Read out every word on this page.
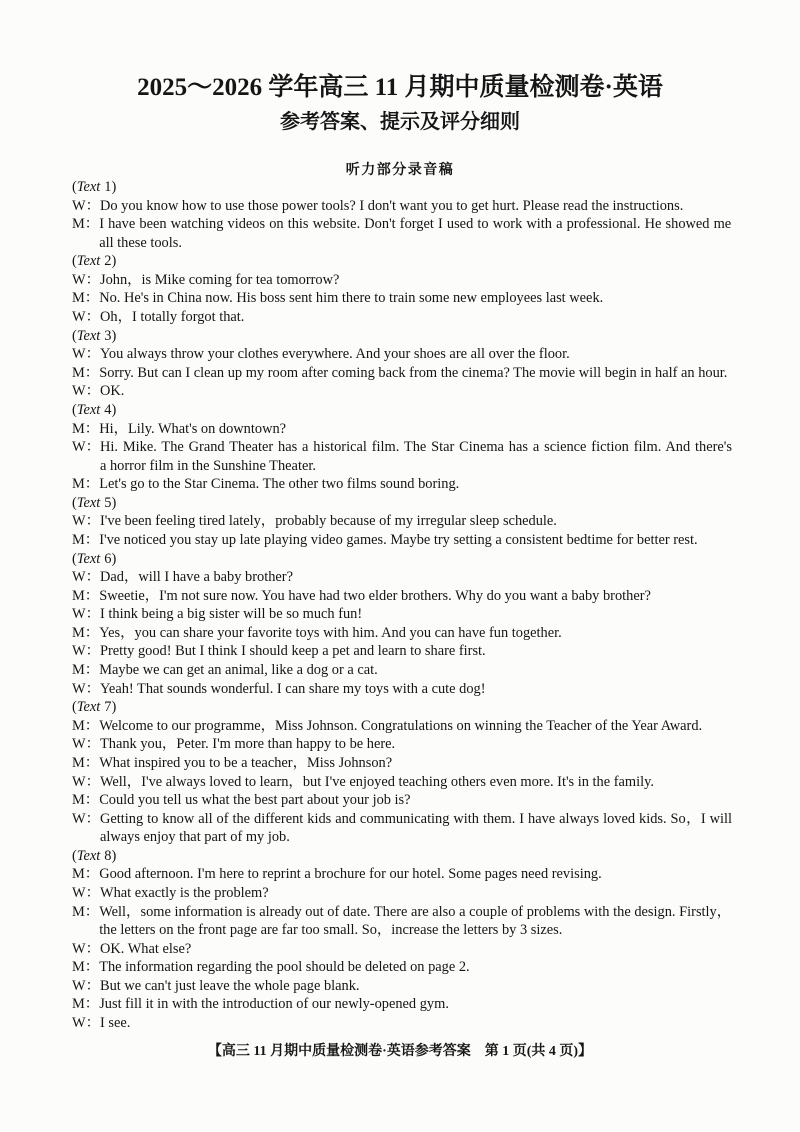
2025～2026 学年高三 11 月期中质量检测卷·英语
参考答案、提示及评分细则
听力部分录音稿
(Text 1)
W： Do you know how to use those power tools? I don't want you to get hurt. Please read the instructions.
M： I have been watching videos on this website. Don't forget I used to work with a professional. He showed me
all these tools.
(Text 2)
W： John，is Mike coming for tea tomorrow?
M： No. He's in China now. His boss sent him there to train some new employees last week.
W： Oh，I totally forgot that.
(Text 3)
W： You always throw your clothes everywhere. And your shoes are all over the floor.
M： Sorry. But can I clean up my room after coming back from the cinema? The movie will begin in half an hour.
W： OK.
(Text 4)
M： Hi，Lily. What's on downtown?
W： Hi. Mike. The Grand Theater has a historical film. The Star Cinema has a science fiction film. And there's
a horror film in the Sunshine Theater.
M： Let's go to the Star Cinema. The other two films sound boring.
(Text 5)
W： I've been feeling tired lately，probably because of my irregular sleep schedule.
M： I've noticed you stay up late playing video games. Maybe try setting a consistent bedtime for better rest.
(Text 6)
W： Dad，will I have a baby brother?
M： Sweetie，I'm not sure now. You have had two elder brothers. Why do you want a baby brother?
W： I think being a big sister will be so much fun!
M： Yes，you can share your favorite toys with him. And you can have fun together.
W： Pretty good! But I think I should keep a pet and learn to share first.
M： Maybe we can get an animal, like a dog or a cat.
W： Yeah! That sounds wonderful. I can share my toys with a cute dog!
(Text 7)
M： Welcome to our programme，Miss Johnson. Congratulations on winning the Teacher of the Year Award.
W： Thank you，Peter. I'm more than happy to be here.
M： What inspired you to be a teacher，Miss Johnson?
W： Well，I've always loved to learn，but I've enjoyed teaching others even more. It's in the family.
M： Could you tell us what the best part about your job is?
W： Getting to know all of the different kids and communicating with them. I have always loved kids. So，I will
always enjoy that part of my job.
(Text 8)
M： Good afternoon. I'm here to reprint a brochure for our hotel. Some pages need revising.
W： What exactly is the problem?
M： Well，some information is already out of date. There are also a couple of problems with the design. Firstly，
the letters on the front page are far too small. So，increase the letters by 3 sizes.
W： OK. What else?
M： The information regarding the pool should be deleted on page 2.
W： But we can't just leave the whole page blank.
M： Just fill it in with the introduction of our newly-opened gym.
W： I see.
【高三 11 月期中质量检测卷·英语参考答案　第 1 页(共 4 页)】
